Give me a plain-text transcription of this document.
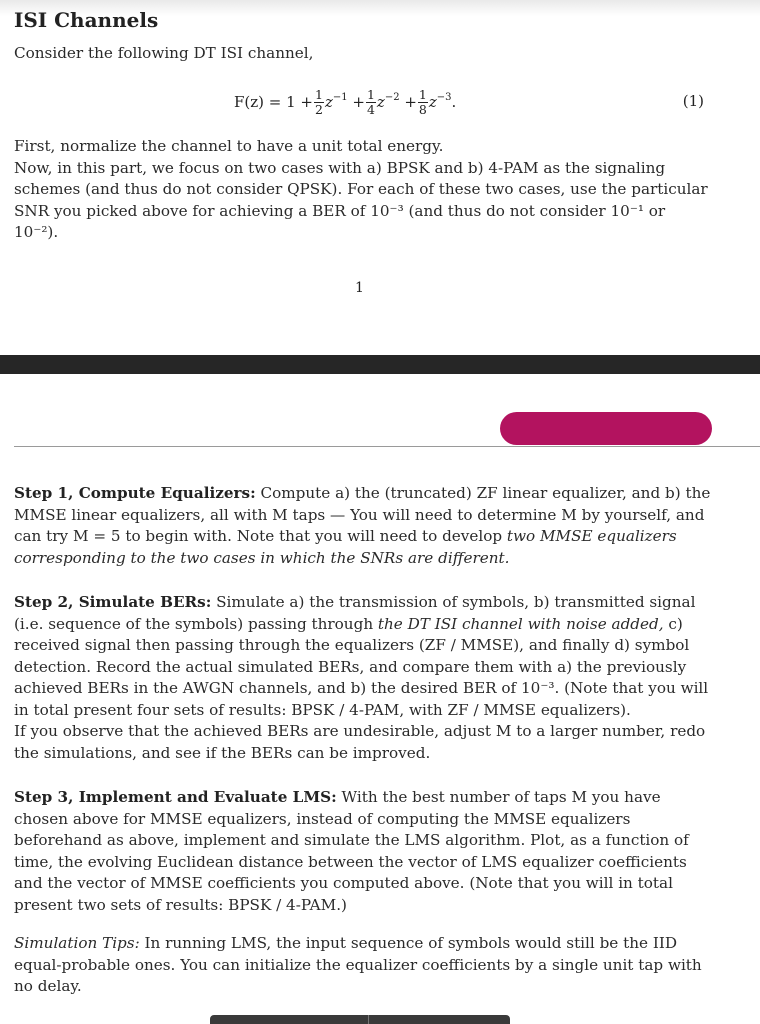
ISI Channels
Consider the following DT ISI channel,
$F(z) = 1 + \frac{1}{2} z^{-1} + \frac{1}{4} z^{-2} + \frac{1}{8} z^{-3}$.	(1)
First, normalize the channel to have a unit total energy.
Now, in this part, we focus on two cases with a) BPSK and b) 4-PAM as the signaling schemes (and thus do not consider QPSK). For each of these two cases, use the particular SNR you picked above for achieving a BER of 10⁻³ (and thus do not consider 10⁻¹ or 10⁻²).
1
Step 1, Compute Equalizers: Compute a) the (truncated) ZF linear equalizer, and b) the MMSE linear equalizers, all with M taps — You will need to determine M by yourself, and can try M = 5 to begin with. Note that you will need to develop two MMSE equalizers corresponding to the two cases in which the SNRs are different.
Step 2, Simulate BERs: Simulate a) the transmission of symbols, b) transmitted signal (i.e. sequence of the symbols) passing through the DT ISI channel with noise added, c) received signal then passing through the equalizers (ZF / MMSE), and finally d) symbol detection. Record the actual simulated BERs, and compare them with a) the previously achieved BERs in the AWGN channels, and b) the desired BER of 10⁻³. (Note that you will in total present four sets of results: BPSK / 4-PAM, with ZF / MMSE equalizers).
If you observe that the achieved BERs are undesirable, adjust M to a larger number, redo the simulations, and see if the BERs can be improved.
Step 3, Implement and Evaluate LMS: With the best number of taps M you have chosen above for MMSE equalizers, instead of computing the MMSE equalizers beforehand as above, implement and simulate the LMS algorithm. Plot, as a function of time, the evolving Euclidean distance between the vector of LMS equalizer coefficients and the vector of MMSE coefficients you computed above. (Note that you will in total present two sets of results: BPSK / 4-PAM.)
Simulation Tips: In running LMS, the input sequence of symbols would still be the IID equal-probable ones. You can initialize the equalizer coefficients by a single unit tap with no delay.
